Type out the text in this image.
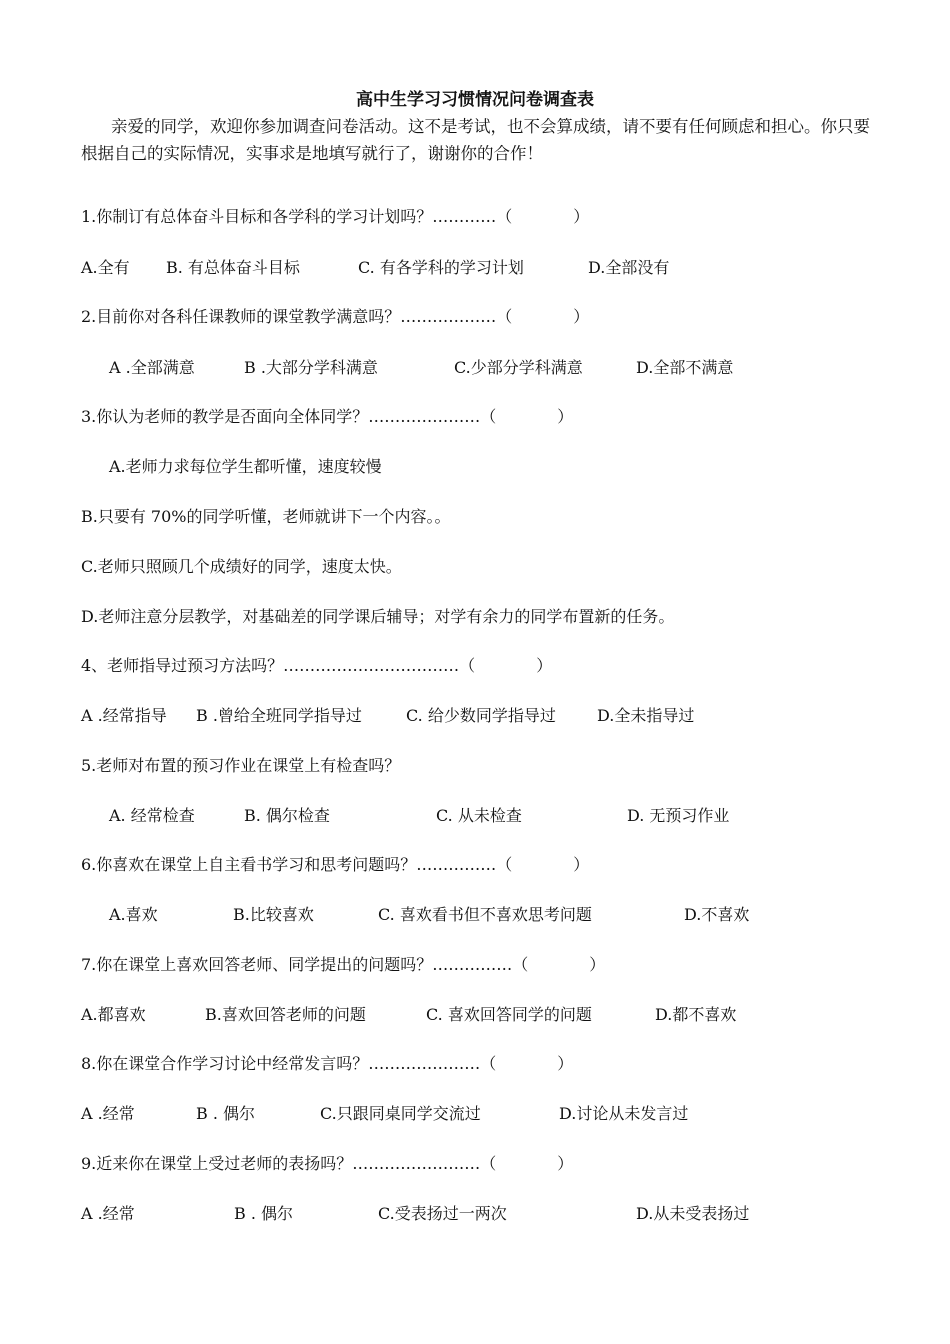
高中生学习习惯情况问卷调查表
亲爱的同学，欢迎你参加调查问卷活动。这不是考试，也不会算成绩，请不要有任何顾虑和担心。你只要根据自己的实际情况，实事求是地填写就行了，谢谢你的合作！
1.你制订有总体奋斗目标和各学科的学习计划吗？…………（            ）
A.全有 B. 有总体奋斗目标	C. 有各学科的学习计划	D.全部没有
2.目前你对各科任课教师的课堂教学满意吗？………………（            ）
A .全部满意	B .大部分学科满意	C.少部分学科满意	D.全部不满意
3.你认为老师的教学是否面向全体同学？…………………（            ）
A.老师力求每位学生都听懂，速度较慢
B.只要有 70%的同学听懂，老师就讲下一个内容。。
C.老师只照顾几个成绩好的同学，速度太快。
D.老师注意分层教学，对基础差的同学课后辅导；对学有余力的同学布置新的任务。
4、老师指导过预习方法吗？……………………………（            ）
A .经常指导 B .曾给全班同学指导过	C. 给少数同学指导过	D.全未指导过
5.老师对布置的预习作业在课堂上有检查吗？
A. 经常检查	B. 偶尔检查	C. 从未检查	D. 无预习作业
6.你喜欢在课堂上自主看书学习和思考问题吗？……………（            ）
A.喜欢	B.比较喜欢	C. 喜欢看书但不喜欢思考问题	D.不喜欢
7.你在课堂上喜欢回答老师、同学提出的问题吗？……………（            ）
A.都喜欢	B.喜欢回答老师的问题	C. 喜欢回答同学的问题	D.都不喜欢
8.你在课堂合作学习讨论中经常发言吗？…………………（            ）
A .经常	B . 偶尔	C.只跟同桌同学交流过	D.讨论从未发言过
9.近来你在课堂上受过老师的表扬吗？……………………（            ）
A .经常	B . 偶尔	C.受表扬过一两次	D.从未受表扬过
